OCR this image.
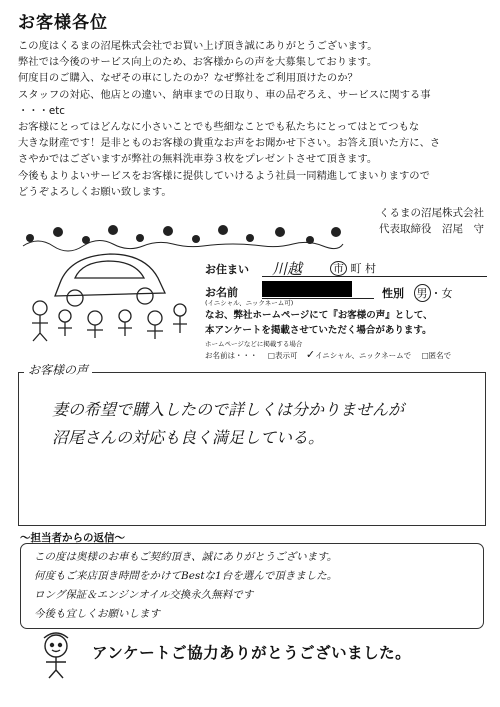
お客様各位
この度はくるまの沼尾株式会社でお買い上げ頂き誠にありがとうございます。
弊社では今後のサービス向上のため、お客様からの声を大募集しております。
何度目のご購入、なぜその車にしたのか？なぜ弊社をご利用頂けたのか？
スタッフの対応、他店との違い、納車までの日取り、車の品ぞろえ、サービスに関する事
・・・etc
お客様にとってはどんなに小さいことでも些細なことでも私たちにとってはとてつもな
大きな財産です！是非とものお客様の貴重なお声をお聞かせ下さい。お答え頂いた方に、さ
さやかではございますが弊社の無料洗車券３枚をプレゼントさせて頂きます。
今後もよりよいサービスをお客様に提供していけるよう社員一同精進してまいりますので
どうぞよろしくお願い致します。
くるまの沼尾株式会社
代表取締役　沼尾　守
お住まい 川越	市 町 村
お名前
(イニシャル、ニックネーム可)
性別 男 ・女
なお、弊社ホームページにて『お客様の声』として、
本アンケートを掲載させていただく場合があります。
ホームページなどに掲載する場合
お名前は・・・ □表示可 ✓イニシャル、ニックネームで □匿名で
お客様の声
妻の希望で購入したので詳しくは分かりませんが
沼尾さんの対応も良く満足している。
～担当者からの返信～
この度は奥様のお車もご契約頂き、誠にありがとうございます。
何度もご来店頂き時間をかけてBestな1台を選んで頂きました。
ロング保証＆エンジンオイル交換永久無料です
今後も宜しくお願いします
アンケートご協力ありがとうございました。
